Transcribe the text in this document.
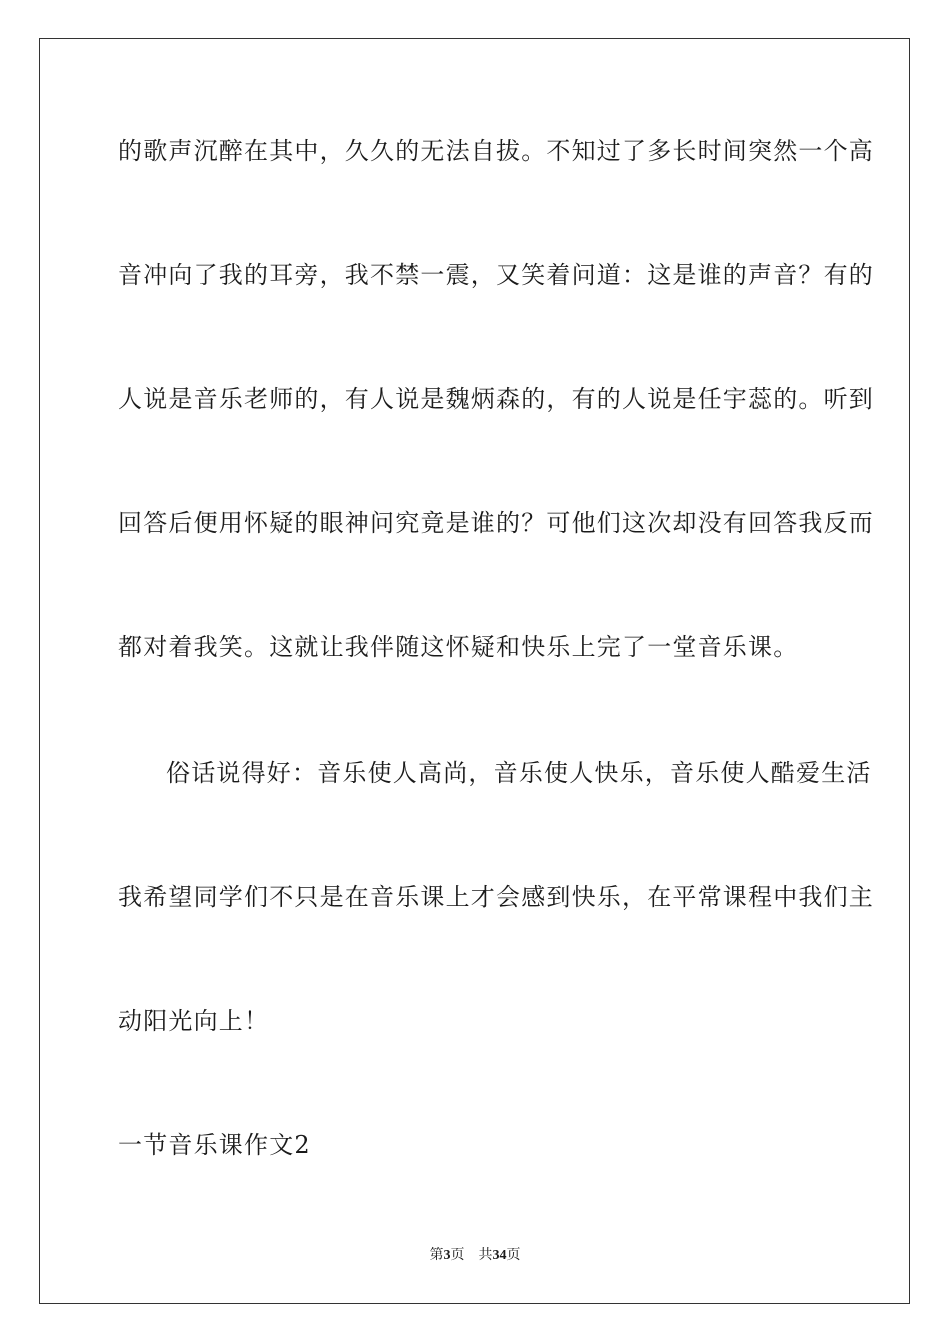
的歌声沉醉在其中，久久的无法自拔。不知过了多长时间突然一个高
音冲向了我的耳旁，我不禁一震，又笑着问道：这是谁的声音？有的
人说是音乐老师的，有人说是魏炳森的，有的人说是任宇蕊的。听到
回答后便用怀疑的眼神问究竟是谁的？可他们这次却没有回答我反而
都对着我笑。这就让我伴随这怀疑和快乐上完了一堂音乐课。
俗话说得好：音乐使人高尚，音乐使人快乐，音乐使人酷爱生活
我希望同学们不只是在音乐课上才会感到快乐，在平常课程中我们主
动阳光向上！
一节音乐课作文2
第3页 共34页
